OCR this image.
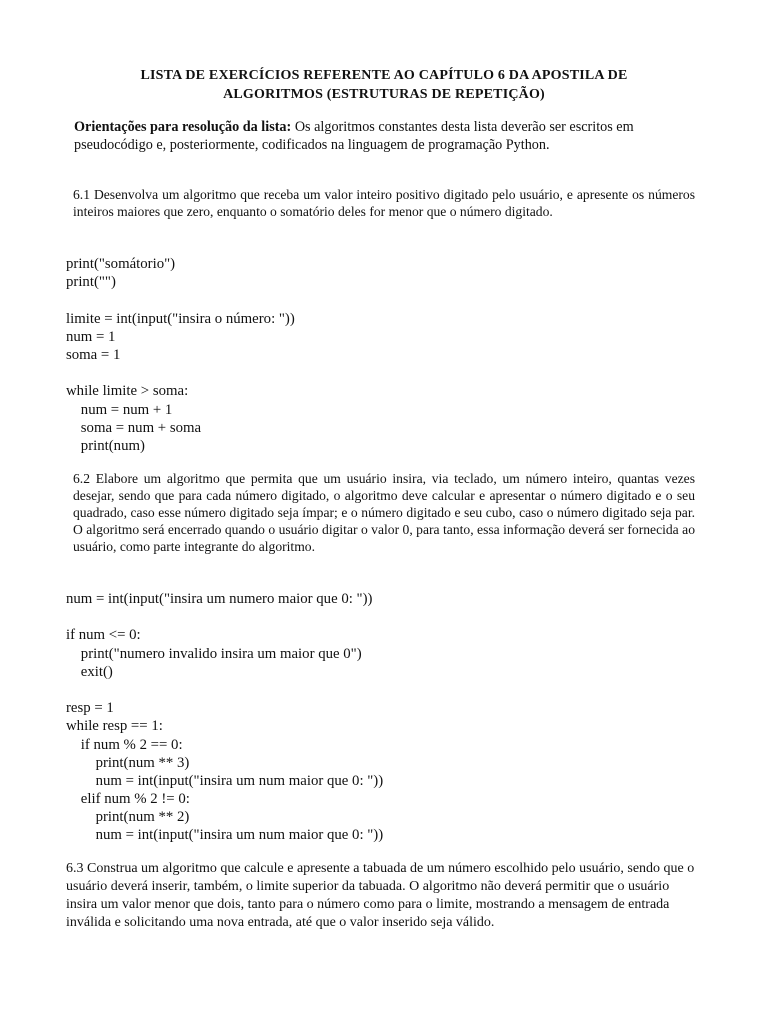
LISTA DE EXERCÍCIOS REFERENTE AO CAPÍTULO 6 DA APOSTILA DE
ALGORITMOS (ESTRUTURAS DE REPETIÇÃO)
Orientações para resolução da lista: Os algoritmos constantes desta lista deverão ser escritos em pseudocódigo e, posteriormente, codificados na linguagem de programação Python.
6.1 Desenvolva um algoritmo que receba um valor inteiro positivo digitado pelo usuário, e apresente os números inteiros maiores que zero, enquanto o somatório deles for menor que o número digitado.
print("somátorio")
print("")
limite = int(input("insira o número: "))
num = 1
soma = 1
while limite > soma:
num = num + 1
soma = num + soma
print(num)
6.2 Elabore um algoritmo que permita que um usuário insira, via teclado, um número inteiro, quantas vezes desejar, sendo que para cada número digitado, o algoritmo deve calcular e apresentar o número digitado e o seu quadrado, caso esse número digitado seja ímpar; e o número digitado e seu cubo, caso o número digitado seja par. O algoritmo será encerrado quando o usuário digitar o valor 0, para tanto, essa informação deverá ser fornecida ao usuário, como parte integrante do algoritmo.
num = int(input("insira um numero maior que 0: "))
if num <= 0:
print("numero invalido insira um maior que 0")
exit()
resp = 1
while resp == 1:
if num % 2 == 0:
print(num ** 3)
num = int(input("insira um num maior que 0: "))
elif num % 2 != 0:
print(num ** 2)
num = int(input("insira um num maior que 0: "))
6.3 Construa um algoritmo que calcule e apresente a tabuada de um número escolhido pelo usuário, sendo que o usuário deverá inserir, também, o limite superior da tabuada. O algoritmo não deverá permitir que o usuário insira um valor menor que dois, tanto para o número como para o limite, mostrando a mensagem de entrada inválida e solicitando uma nova entrada, até que o valor inserido seja válido.
